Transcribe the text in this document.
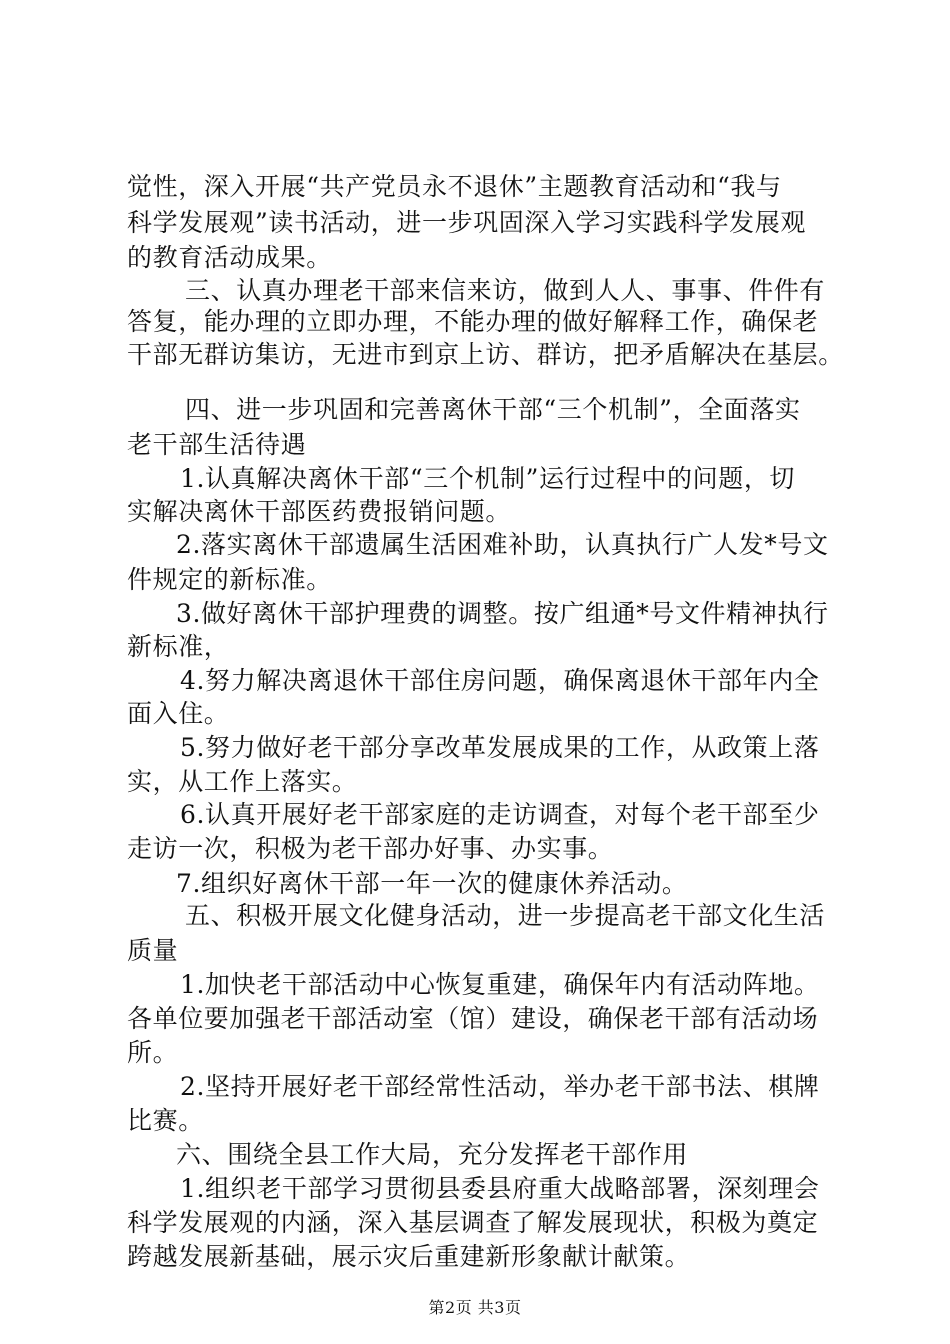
觉性，深入开展“共产党员永不退休”主题教育活动和“我与
科学发展观”读书活动，进一步巩固深入学习实践科学发展观
的教育活动成果。
三、认真办理老干部来信来访，做到人人、事事、件件有
答复，能办理的立即办理，不能办理的做好解释工作，确保老
干部无群访集访，无进市到京上访、群访，把矛盾解决在基层。
四、进一步巩固和完善离休干部“三个机制”，全面落实
老干部生活待遇
1.认真解决离休干部“三个机制”运行过程中的问题，切
实解决离休干部医药费报销问题。
2.落实离休干部遗属生活困难补助，认真执行广人发*号文
件规定的新标准。
3.做好离休干部护理费的调整。按广组通*号文件精神执行
新标准，
4.努力解决离退休干部住房问题，确保离退休干部年内全
面入住。
5.努力做好老干部分享改革发展成果的工作，从政策上落
实，从工作上落实。
6.认真开展好老干部家庭的走访调查，对每个老干部至少
走访一次，积极为老干部办好事、办实事。
7.组织好离休干部一年一次的健康休养活动。
五、积极开展文化健身活动，进一步提高老干部文化生活
质量
1.加快老干部活动中心恢复重建，确保年内有活动阵地。
各单位要加强老干部活动室（馆）建设，确保老干部有活动场
所。
2.坚持开展好老干部经常性活动，举办老干部书法、棋牌
比赛。
六、围绕全县工作大局，充分发挥老干部作用
1.组织老干部学习贯彻县委县府重大战略部署，深刻理会
科学发展观的内涵，深入基层调查了解发展现状，积极为奠定
跨越发展新基础，展示灾后重建新形象献计献策。
第2页 共3页
